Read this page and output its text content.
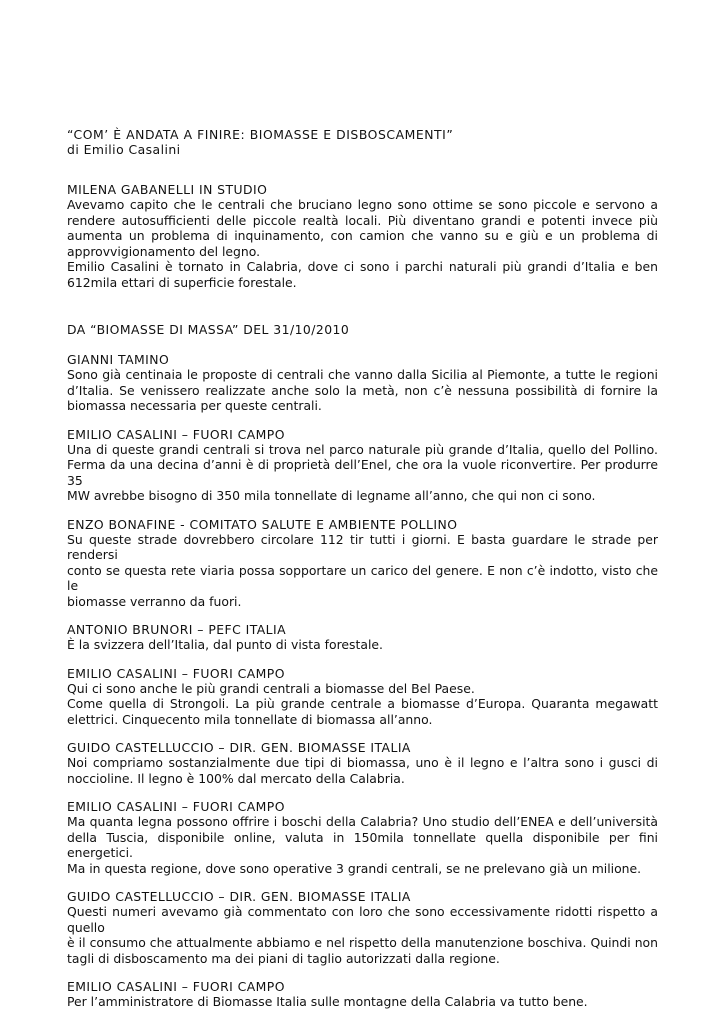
“COM’ È ANDATA A FINIRE: BIOMASSE E DISBOSCAMENTI”
di Emilio Casalini
MILENA GABANELLI IN STUDIO
Avevamo capito che le centrali che bruciano legno sono ottime se sono piccole e servono a
rendere autosufficienti delle piccole realtà locali. Più diventano grandi e potenti invece più
aumenta un problema di inquinamento, con camion che vanno su e giù e un problema di
approvvigionamento del legno.
Emilio Casalini è tornato in Calabria, dove ci sono i parchi naturali più grandi d’Italia e ben
612mila ettari di superficie forestale.
DA “BIOMASSE DI MASSA” DEL 31/10/2010
GIANNI TAMINO
Sono già centinaia le proposte di centrali che vanno dalla Sicilia al Piemonte, a tutte le regioni
d’Italia. Se venissero realizzate anche solo la metà, non c’è nessuna possibilità di fornire la
biomassa necessaria per queste centrali.
EMILIO CASALINI – FUORI CAMPO
Una di queste grandi centrali si trova nel parco naturale più grande d’Italia, quello del Pollino.
Ferma da una decina d’anni è di proprietà dell’Enel, che ora la vuole riconvertire. Per produrre 35
MW avrebbe bisogno di 350 mila tonnellate di legname all’anno, che qui non ci sono.
ENZO BONAFINE - COMITATO SALUTE E AMBIENTE POLLINO
Su queste strade dovrebbero circolare 112 tir tutti i giorni. E basta guardare le strade per rendersi
conto se questa rete viaria possa sopportare un carico del genere. E non c’è indotto, visto che le
biomasse verranno da fuori.
ANTONIO BRUNORI – PEFC ITALIA
È la svizzera dell’Italia, dal punto di vista forestale.
EMILIO CASALINI – FUORI CAMPO
Qui ci sono anche le più grandi centrali a biomasse del Bel Paese.
Come quella di Strongoli. La più grande centrale a biomasse d’Europa. Quaranta megawatt
elettrici. Cinquecento mila tonnellate di biomassa all’anno.
GUIDO CASTELLUCCIO – DIR. GEN. BIOMASSE ITALIA
Noi compriamo sostanzialmente due tipi di biomassa, uno è il legno e l’altra sono i gusci di
noccioline. Il legno è 100% dal mercato della Calabria.
EMILIO CASALINI – FUORI CAMPO
Ma quanta legna possono offrire i boschi della Calabria? Uno studio dell’ENEA e dell’università
della Tuscia, disponibile online, valuta in 150mila tonnellate quella disponibile per fini energetici.
Ma in questa regione, dove sono operative 3 grandi centrali, se ne prelevano già un milione.
GUIDO CASTELLUCCIO – DIR. GEN. BIOMASSE ITALIA
Questi numeri avevamo già commentato con loro che sono eccessivamente ridotti rispetto a quello
è il consumo che attualmente abbiamo e nel rispetto della manutenzione boschiva. Quindi non
tagli di disboscamento ma dei piani di taglio autorizzati dalla regione.
EMILIO CASALINI – FUORI CAMPO
Per l’amministratore di Biomasse Italia sulle montagne della Calabria va tutto bene.
